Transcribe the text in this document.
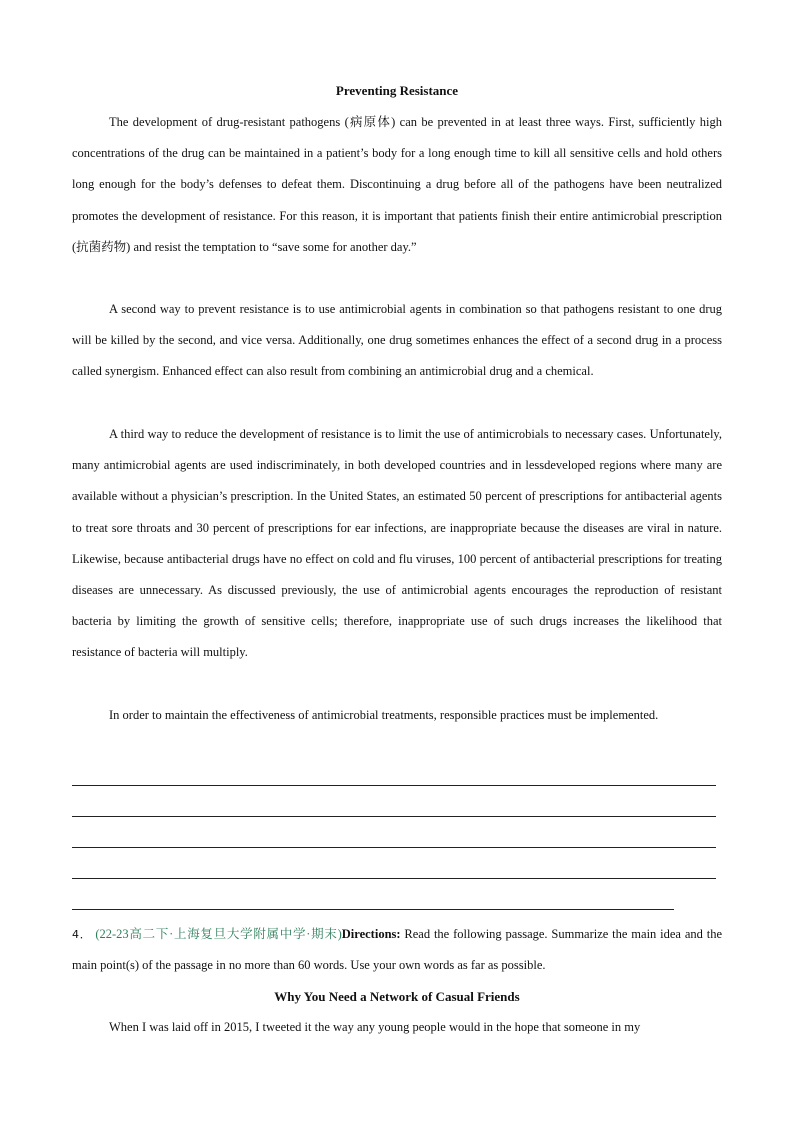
Preventing Resistance
The development of drug-resistant pathogens (病原体) can be prevented in at least three ways. First, sufficiently high concentrations of the drug can be maintained in a patient’s body for a long enough time to kill all sensitive cells and hold others long enough for the body’s defenses to defeat them. Discontinuing a drug before all of the pathogens have been neutralized promotes the development of resistance. For this reason, it is important that patients finish their entire antimicrobial prescription (抗菌药物) and resist the temptation to “save some for another day.”
A second way to prevent resistance is to use antimicrobial agents in combination so that pathogens resistant to one drug will be killed by the second, and vice versa. Additionally, one drug sometimes enhances the effect of a second drug in a process called synergism. Enhanced effect can also result from combining an antimicrobial drug and a chemical.
A third way to reduce the development of resistance is to limit the use of antimicrobials to necessary cases. Unfortunately, many antimicrobial agents are used indiscriminately, in both developed countries and in lessdeveloped regions where many are available without a physician’s prescription. In the United States, an estimated 50 percent of prescriptions for antibacterial agents to treat sore throats and 30 percent of prescriptions for ear infections, are inappropriate because the diseases are viral in nature. Likewise, because antibacterial drugs have no effect on cold and flu viruses, 100 percent of antibacterial prescriptions for treating diseases are unnecessary. As discussed previously, the use of antimicrobial agents encourages the reproduction of resistant bacteria by limiting the growth of sensitive cells; therefore, inappropriate use of such drugs increases the likelihood that resistance of bacteria will multiply.
In order to maintain the effectiveness of antimicrobial treatments, responsible practices must be implemented.
4． (22-23高二下·上海复旦大学附属中学·期末)Directions: Read the following passage. Summarize the main idea and the main point(s) of the passage in no more than 60 words. Use your own words as far as possible.
Why You Need a Network of Casual Friends
When I was laid off in 2015, I tweeted it the way any young people would in the hope that someone in my
